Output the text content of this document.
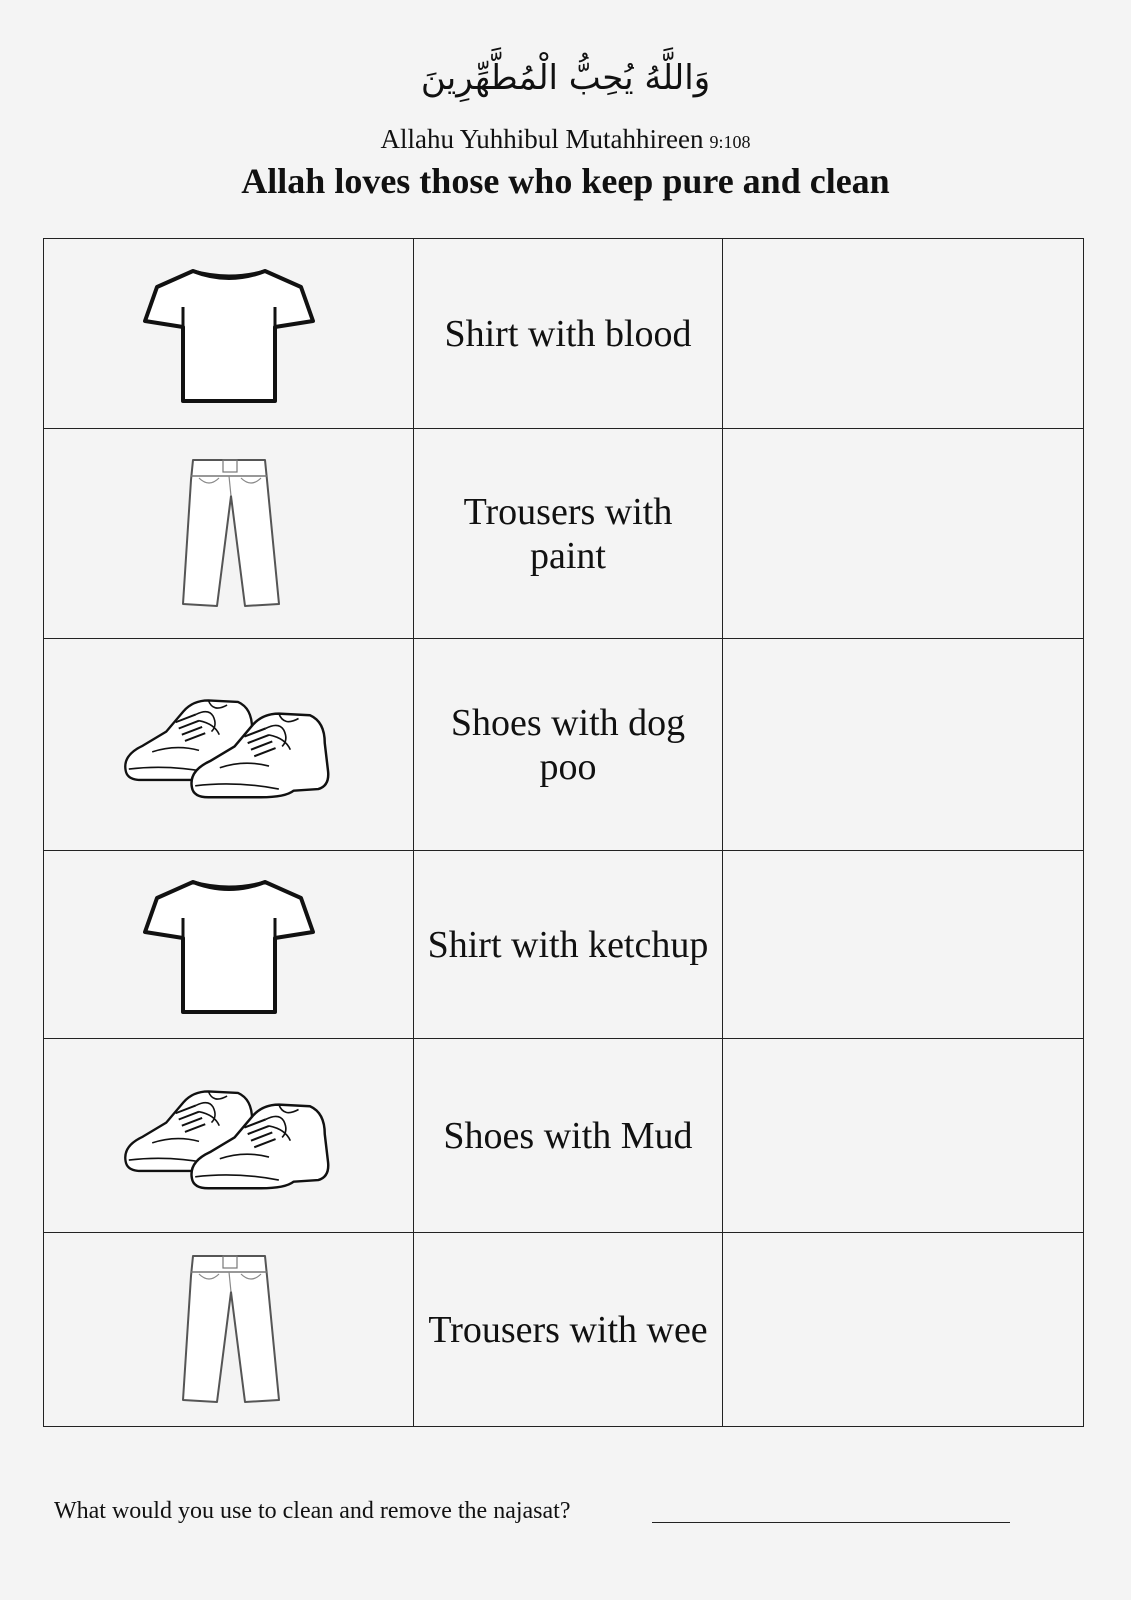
وَاللَّهُ يُحِبُّ الْمُطَّهِّرِينَ
Allahu Yuhhibul Mutahhireen 9:108
Allah loves those who keep pure and clean
	Shirt with blood	

	Trousers with paint	

	Shoes with dog poo	

	Shirt with ketchup	

	Shoes with Mud	

	Trousers with wee	
What would you use to clean and remove the najasat?
